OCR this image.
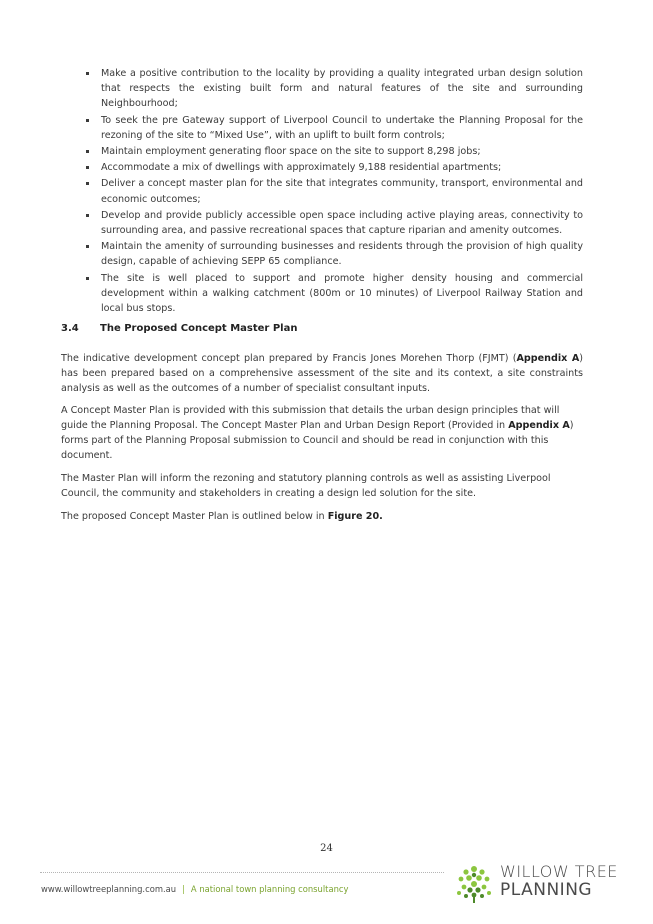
Make a positive contribution to the locality by providing a quality integrated urban design solution that respects the existing built form and natural features of the site and surrounding Neighbourhood;
To seek the pre Gateway support of Liverpool Council to undertake the Planning Proposal for the rezoning of the site to “Mixed Use”, with an uplift to built form controls;
Maintain employment generating floor space on the site to support 8,298 jobs;
Accommodate a mix of dwellings with approximately 9,188 residential apartments;
Deliver a concept master plan for the site that integrates community, transport, environmental and economic outcomes;
Develop and provide publicly accessible open space including active playing areas, connectivity to surrounding area, and passive recreational spaces that capture riparian and amenity outcomes.
Maintain the amenity of surrounding businesses and residents through the provision of high quality design, capable of achieving SEPP 65 compliance.
The site is well placed to support and promote higher density housing and commercial development within a walking catchment (800m or 10 minutes) of Liverpool Railway Station and local bus stops.
3.4 The Proposed Concept Master Plan

The indicative development concept plan prepared by Francis Jones Morehen Thorp (FJMT) (Appendix A) has been prepared based on a comprehensive assessment of the site and its context, a site constraints analysis as well as the outcomes of a number of specialist consultant inputs.

A Concept Master Plan is provided with this submission that details the urban design principles that will guide the Planning Proposal. The Concept Master Plan and Urban Design Report (Provided in Appendix A) forms part of the Planning Proposal submission to Council and should be read in conjunction with this document.

The Master Plan will inform the rezoning and statutory planning controls as well as assisting Liverpool Council, the community and stakeholders in creating a design led solution for the site.

The proposed Concept Master Plan is outlined below in Figure 20.

24
www.willowtreeplanning.com.au | A national town planning consultancy
WILLOW TREE
PLANNING
